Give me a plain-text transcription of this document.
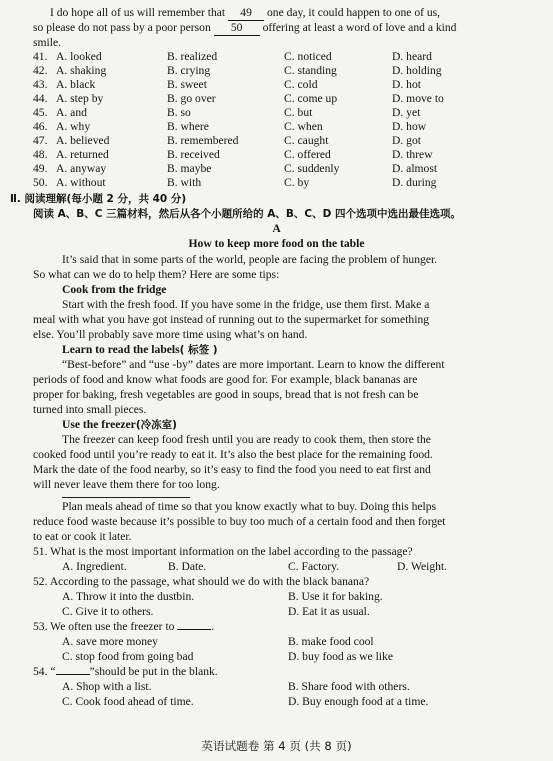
I do hope all of us will remember that 49 one day, it could happen to one of us,
so please do not pass by a poor person 50 offering at least a word of love and a kind
smile.
41. A. looked	B. realized	C. noticed	D. heard
42. A. shaking	B. crying	C. standing	D. holding
43. A. black	B. sweet	C. cold	D. hot
44. A. step by	B. go over	C. come up	D. move to
45. A. and	B. so	C. but	D. yet
46. A. why	B. where	C. when	D. how
47. A. believed	B. remembered	C. caught	D. got
48. A. returned	B. received	C. offered	D. threw
49. A. anyway	B. maybe	C. suddenly	D. almost
50. A. without	B. with	C. by	D. during
Ⅱ. 阅读理解(每小题 2 分，共 40 分)
阅读 A、B、C 三篇材料，然后从各个小题所给的 A、B、C、D 四个选项中选出最佳选项。
A
How to keep more food on the table
It’s said that in some parts of the world, people are facing the problem of hunger.
So what can we do to help them? Here are some tips:
Cook from the fridge
Start with the fresh food. If you have some in the fridge, use them first. Make a
meal with what you have got instead of running out to the supermarket for something
else. You’ll probably save more time using what’s on hand.
Learn to read the labels( 标签 )
“Best-before” and “use -by” dates are more important. Learn to know the different
periods of food and know what foods are good for. For example, black bananas are
proper for baking, fresh vegetables are good in soups, bread that is not fresh can be
turned into small pieces.
Use the freezer(冷冻室)
The freezer can keep food fresh until you are ready to cook them, then store the
cooked food until you’re ready to eat it. It’s also the best place for the remaining food.
Mark the date of the food nearby, so it’s easy to find the food you need to eat first and
will never leave them there for too long.
Plan meals ahead of time so that you know exactly what to buy. Doing this helps
reduce food waste because it’s possible to buy too much of a certain food and then forget
to eat or cook it later.
51. What is the most important information on the label according to the passage?
A. Ingredient.	B. Date.	C. Factory.	D. Weight.
52. According to the passage, what should we do with the black banana?
A. Throw it into the dustbin.	B. Use it for baking.
C. Give it to others.	D. Eat it as usual.
53. We often use the freezer to	.
A. save more money	B. make food cool
C. stop food from going bad	D. buy food as we like
54. “	”should be put in the blank.
A. Shop with a list.	B. Share food with others.
C. Cook food ahead of time.	D. Buy enough food at a time.
英语试题卷 第 4 页 (共 8 页)
